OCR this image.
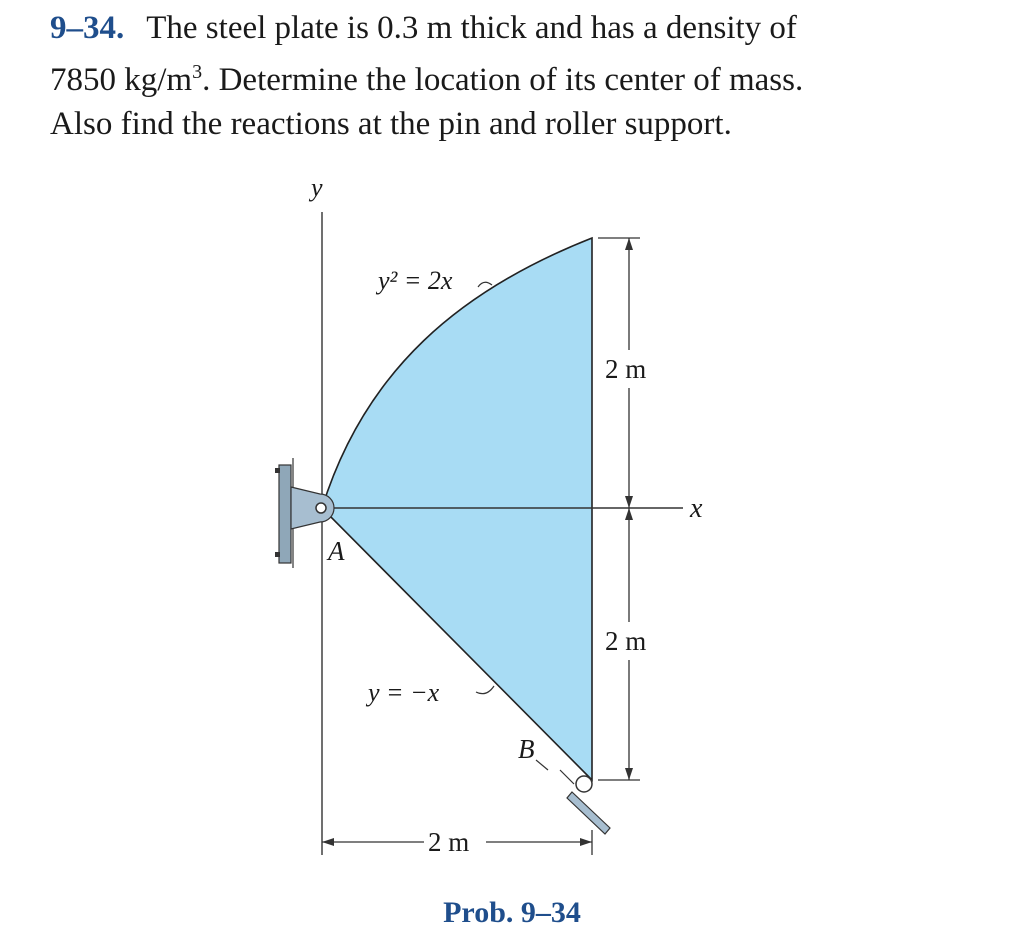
9–34. The steel plate is 0.3 m thick and has a density of
7850 $kg/m^3$. Determine the location of its center of mass.
Also find the reactions at the pin and roller support.
y
x
A
y² = 2x
y = −x
B
2 m
2 m
2 m
Prob. 9–34
